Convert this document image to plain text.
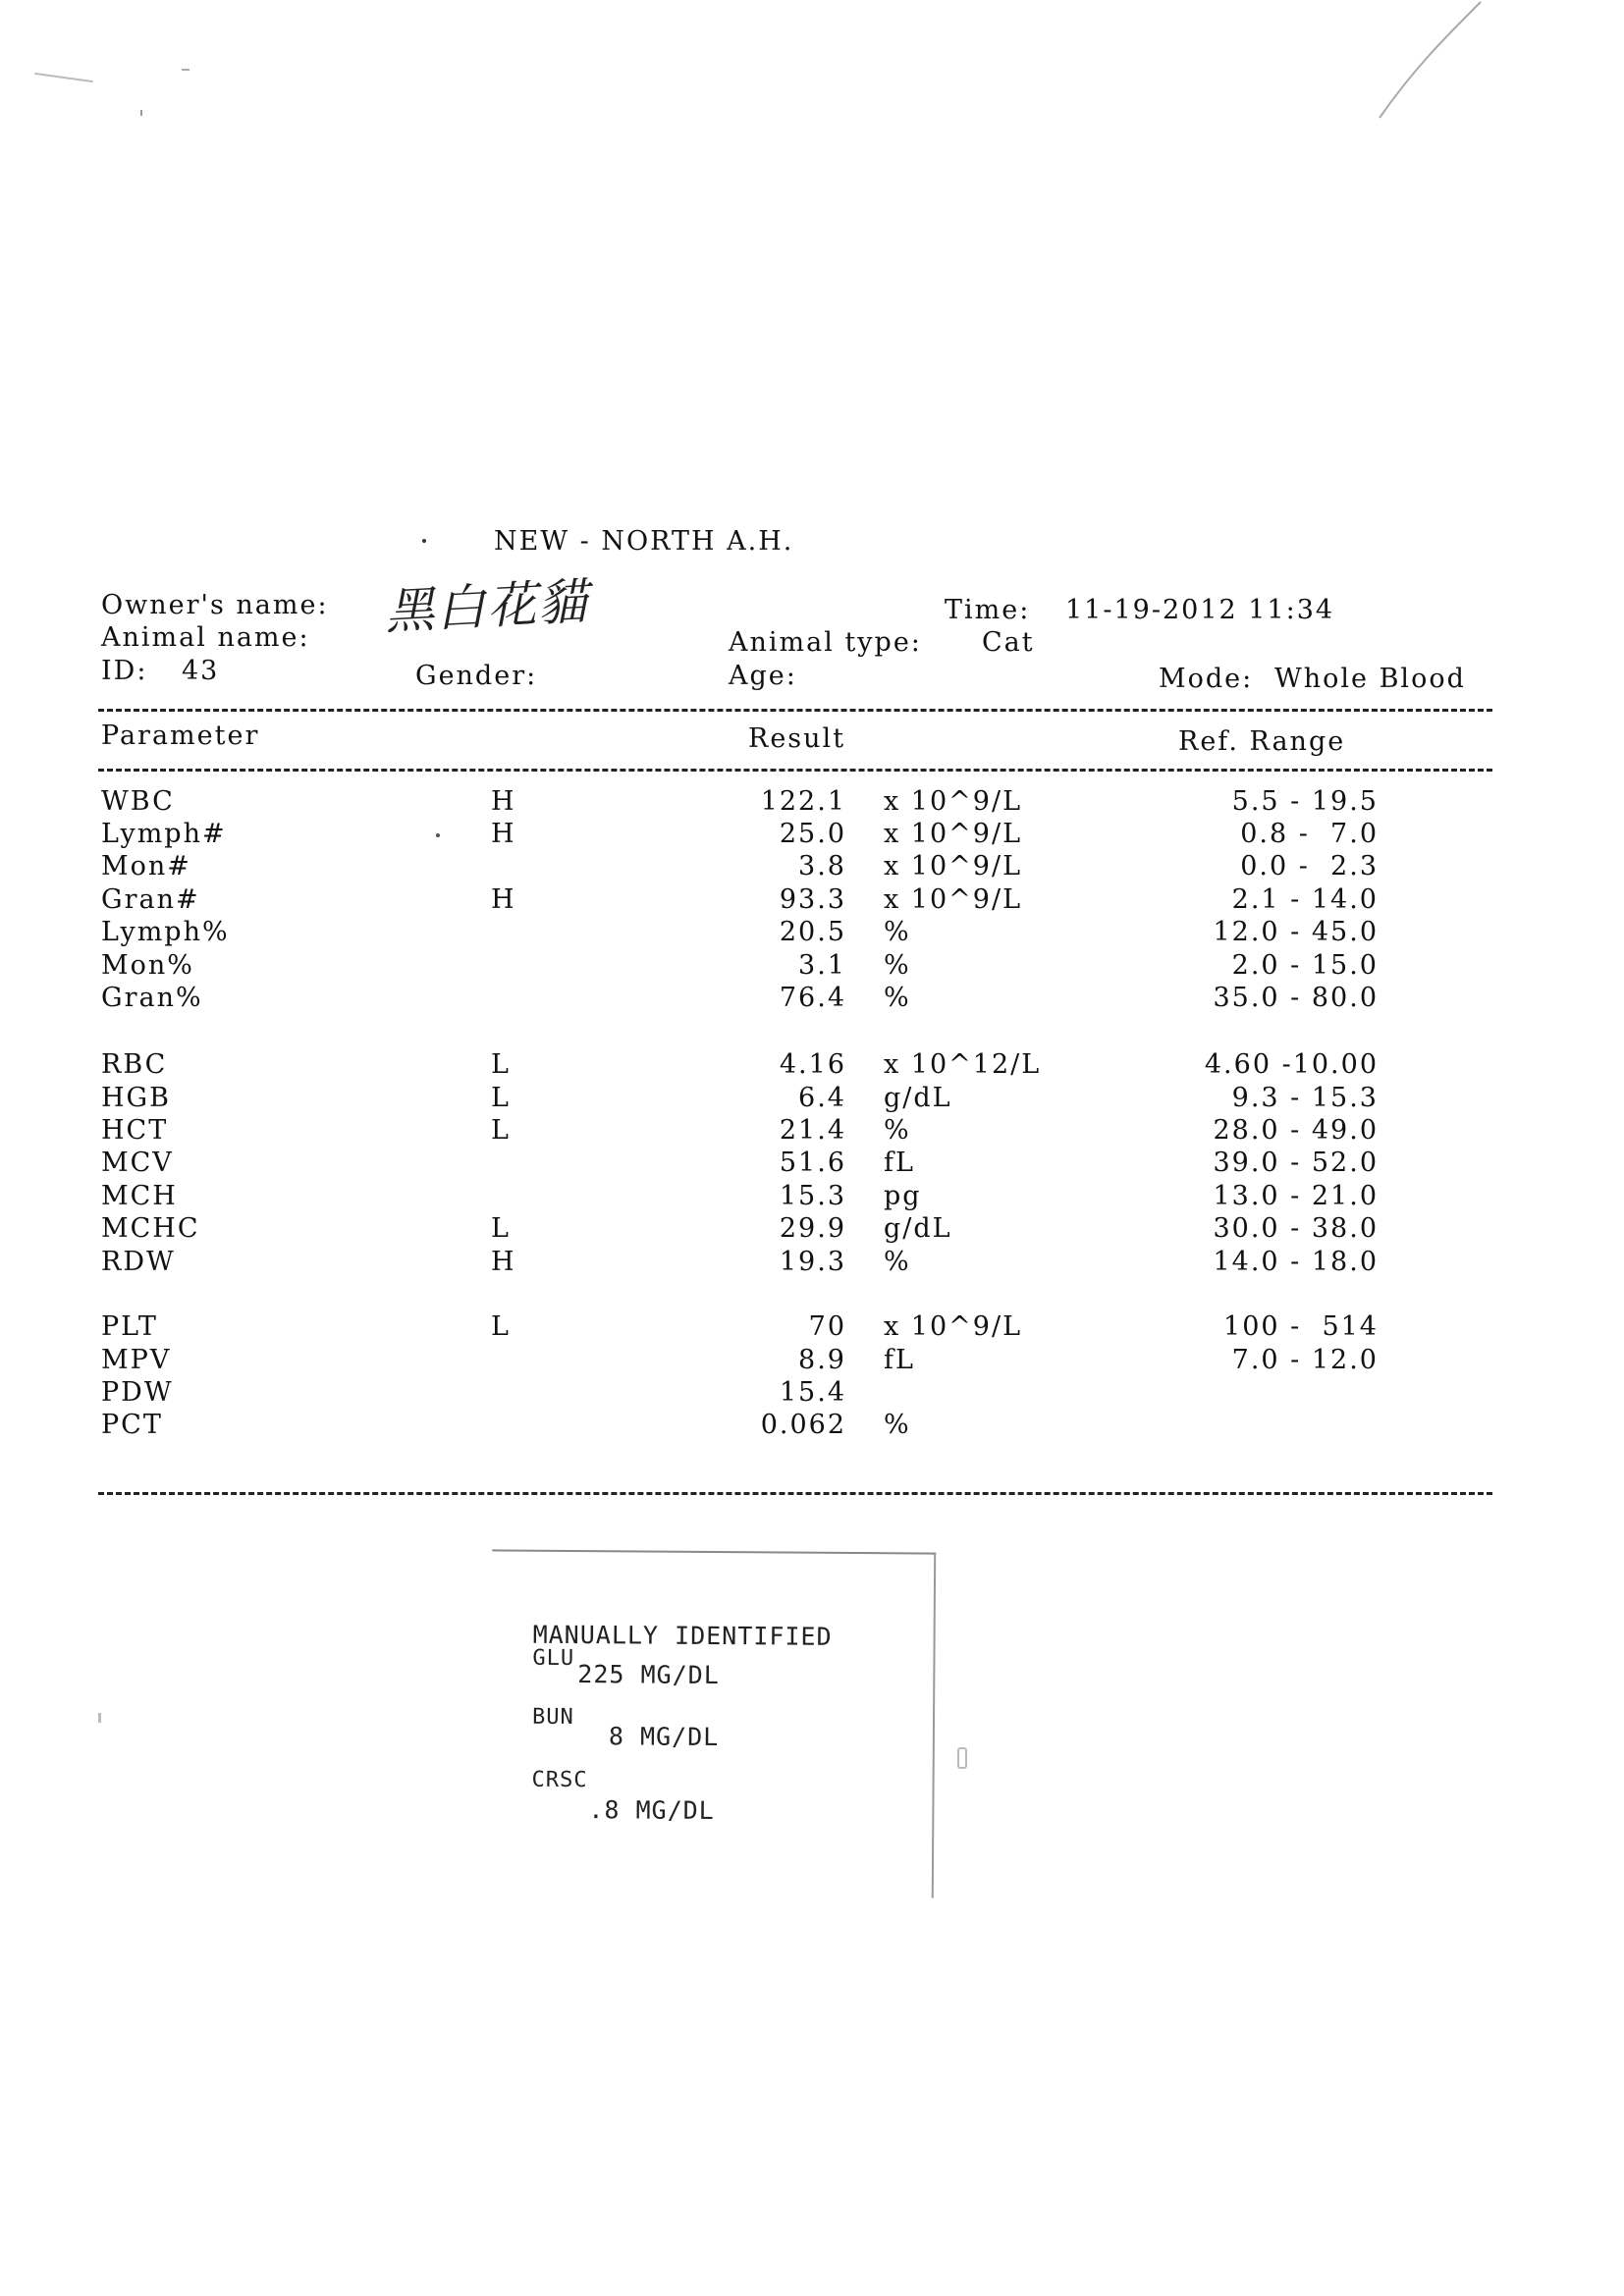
NEW - NORTH A.H.
Owner's name: 黑白花貓	Time: 11-19-2012 11:34
Animal name:	Animal type: Cat
ID: 43	Gender:	Age:	Mode: Whole Blood
Parameter	Result	Ref. Range
WBC	H	122.1 x 10^9/L	5.5 - 19.5
Lymph#	H	25.0 x 10^9/L	0.8 -  7.0
Mon#	3.8 x 10^9/L	0.0 -  2.3
Gran#	H	93.3 x 10^9/L	2.1 - 14.0
Lymph%	20.5 %	12.0 - 45.0
Mon%	3.1 %	2.0 - 15.0
Gran%	76.4 %	35.0 - 80.0
RBC	L	4.16 x 10^12/L	4.60 -10.00
HGB	L	6.4 g/dL	9.3 - 15.3
HCT	L	21.4 %	28.0 - 49.0
MCV	51.6 fL	39.0 - 52.0
MCH	15.3 pg	13.0 - 21.0
MCHC	L	29.9 g/dL	30.0 - 38.0
RDW	H	19.3 %	14.0 - 18.0
PLT	L	70 x 10^9/L	100 -  514
MPV	8.9 fL	7.0 - 12.0
PDW	15.4
PCT	0.062 %
MANUALLY IDENTIFIED
GLU
225 MG/DL
BUN
8 MG/DL
CRSC
.8 MG/DL
